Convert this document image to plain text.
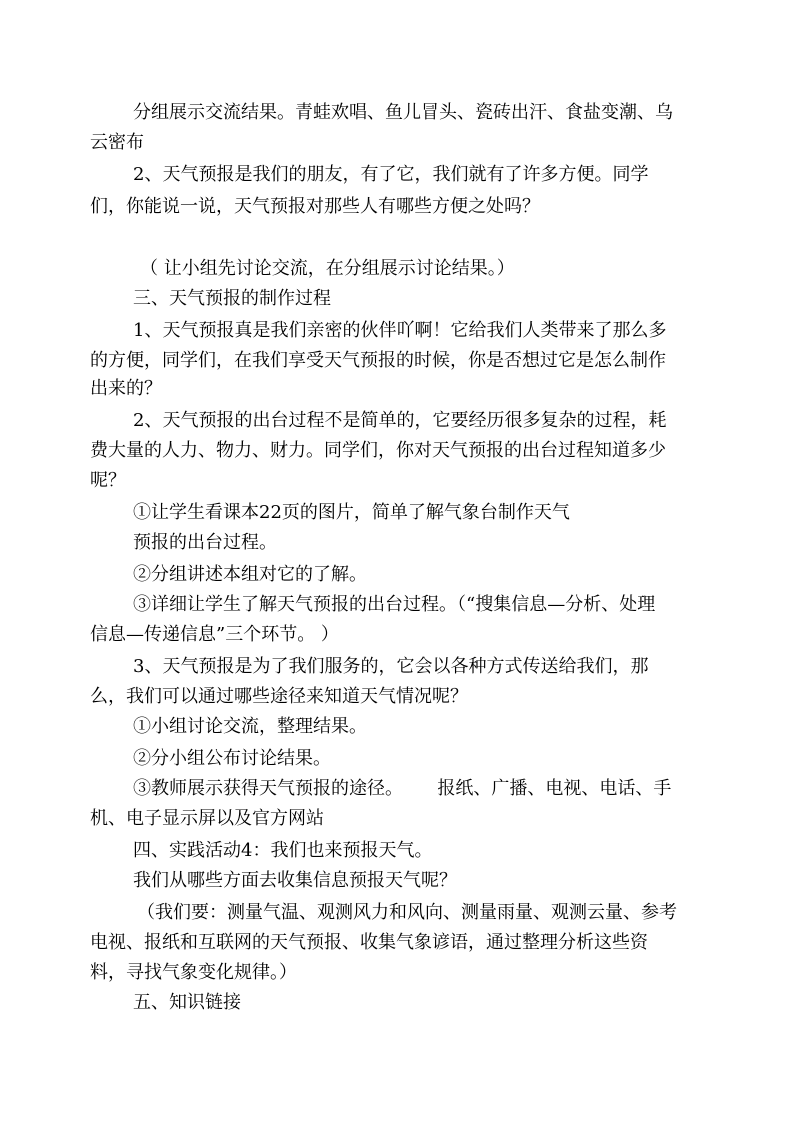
分组展示交流结果。青蛙欢唱、鱼儿冒头、瓷砖出汗、食盐变潮、乌
云密布
2、天气预报是我们的朋友，有了它，我们就有了许多方便。同学
们，你能说一说，天气预报对那些人有哪些方便之处吗？
（ 让小组先讨论交流，在分组展示讨论结果。）
三、天气预报的制作过程
1、天气预报真是我们亲密的伙伴吖啊！它给我们人类带来了那么多
的方便，同学们，在我们享受天气预报的时候，你是否想过它是怎么制作
出来的？
2、天气预报的出台过程不是简单的，它要经历很多复杂的过程，耗
费大量的人力、物力、财力。同学们，你对天气预报的出台过程知道多少
呢？
①让学生看课本22页的图片，简单了解气象台制作天气
预报的出台过程。
②分组讲述本组对它的了解。
③详细让学生了解天气预报的出台过程。（“搜集信息—分析、处理
信息—传递信息”三个环节。 ）
3、天气预报是为了我们服务的，它会以各种方式传送给我们，那
么，我们可以通过哪些途径来知道天气情况呢？
①小组讨论交流，整理结果。
②分小组公布讨论结果。
③教师展示获得天气预报的途径。      报纸、广播、电视、电话、手
机、电子显示屏以及官方网站
四、实践活动4：我们也来预报天气。
我们从哪些方面去收集信息预报天气呢？
（我们要：测量气温、观测风力和风向、测量雨量、观测云量、参考
电视、报纸和互联网的天气预报、收集气象谚语，通过整理分析这些资
料，寻找气象变化规律。）
五、知识链接
